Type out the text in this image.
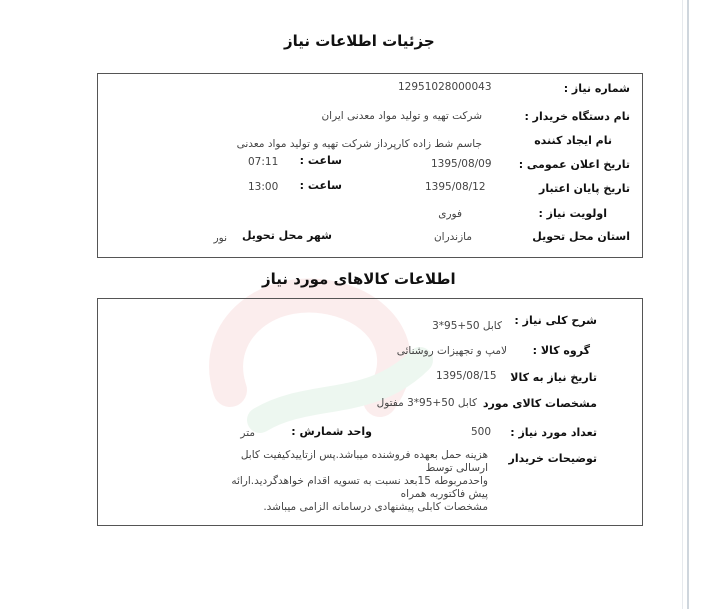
جزئیات اطلاعات نیاز
شماره نیاز :
12951028000043
نام دستگاه خریدار :
شرکت تهیه و تولید مواد معدنی ایران
نام ایجاد کننده
جاسم شط زاده کارپرداز شرکت تهیه و تولید مواد معدنی
تاریخ اعلان عمومی :
1395/08/09
ساعت :
07:11
تاریخ پایان اعتبار
1395/08/12
ساعت :
13:00
اولویت نیاز :
فوری
استان محل تحویل
مازندران
شهر محل تحویل
نور
اطلاعات کالاهای مورد نیاز
شرح کلی نیاز :
کابل 50+95*3
گروه کالا :
لامپ و تجهیزات روشنائی
تاریخ نیاز به کالا
1395/08/15
مشخصات کالای مورد
کابل 50+95*3 مفتول
تعداد مورد نیاز :
500
واحد شمارش :
متر
توضیحات خریدار
هزینه حمل بعهده فروشنده میباشد.پس ازتاییدکیفیت کابل ارسالی توسط
واحدمربوطه 15بعد نسبت به تسویه اقدام خواهدگردید.ارائه پیش فاکتوربه همراه
مشخصات کابلی پیشنهادی درسامانه الزامی میباشد.
